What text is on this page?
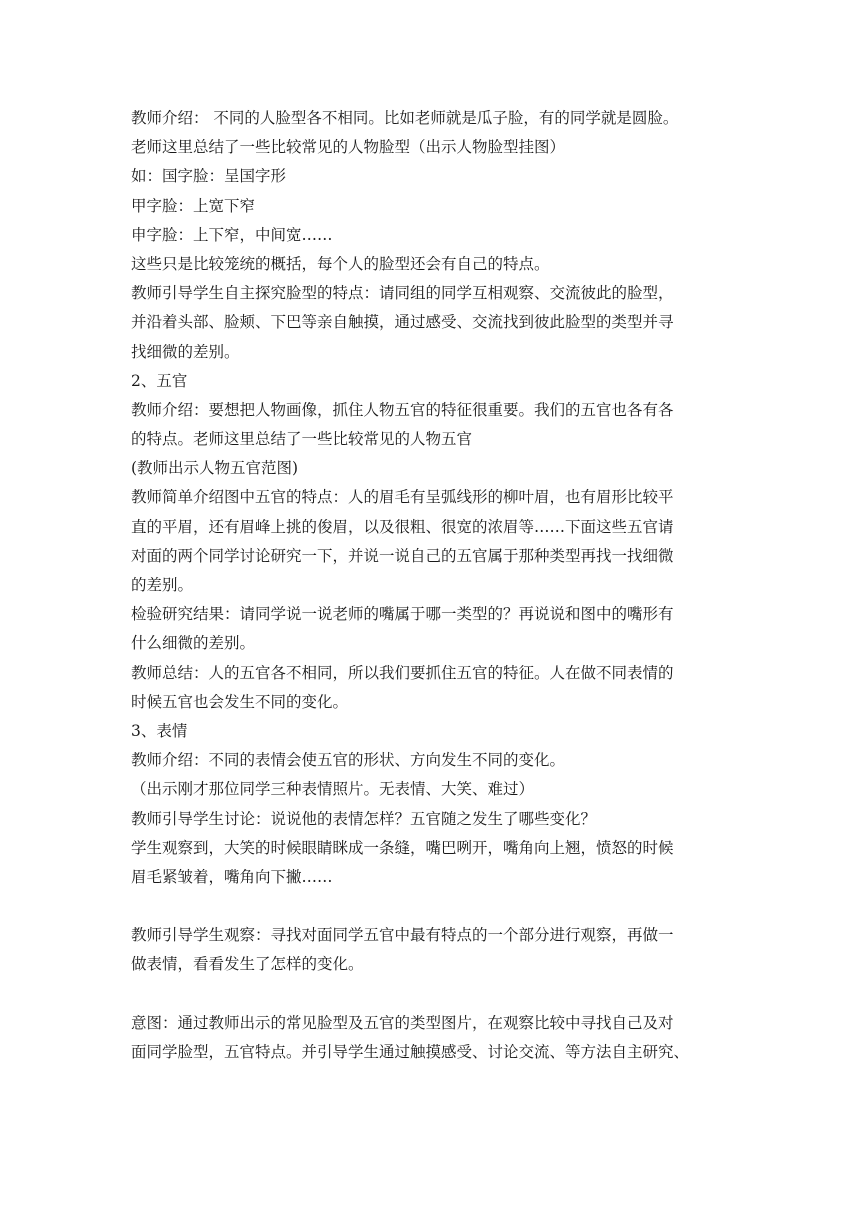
教师介绍： 不同的人脸型各不相同。比如老师就是瓜子脸，有的同学就是圆脸。
老师这里总结了一些比较常见的人物脸型（出示人物脸型挂图）
如：国字脸：呈国字形
甲字脸：上宽下窄
申字脸：上下窄，中间宽……
这些只是比较笼统的概括，每个人的脸型还会有自己的特点。
教师引导学生自主探究脸型的特点：请同组的同学互相观察、交流彼此的脸型，
并沿着头部、脸颊、下巴等亲自触摸，通过感受、交流找到彼此脸型的类型并寻
找细微的差别。
2、五官
教师介绍：要想把人物画像，抓住人物五官的特征很重要。我们的五官也各有各
的特点。老师这里总结了一些比较常见的人物五官
(教师出示人物五官范图)
教师简单介绍图中五官的特点：人的眉毛有呈弧线形的柳叶眉，也有眉形比较平
直的平眉，还有眉峰上挑的俊眉，以及很粗、很宽的浓眉等……下面这些五官请
对面的两个同学讨论研究一下，并说一说自己的五官属于那种类型再找一找细微
的差别。
检验研究结果：请同学说一说老师的嘴属于哪一类型的？再说说和图中的嘴形有
什么细微的差别。
教师总结：人的五官各不相同，所以我们要抓住五官的特征。人在做不同表情的
时候五官也会发生不同的变化。
3、表情
教师介绍：不同的表情会使五官的形状、方向发生不同的变化。
（出示刚才那位同学三种表情照片。无表情、大笑、难过）
教师引导学生讨论：说说他的表情怎样？五官随之发生了哪些变化？
学生观察到，大笑的时候眼睛眯成一条缝，嘴巴咧开，嘴角向上翘，愤怒的时候
眉毛紧皱着，嘴角向下撇……
教师引导学生观察：寻找对面同学五官中最有特点的一个部分进行观察，再做一
做表情，看看发生了怎样的变化。
意图：通过教师出示的常见脸型及五官的类型图片，在观察比较中寻找自己及对
面同学脸型，五官特点。并引导学生通过触摸感受、讨论交流、等方法自主研究、
